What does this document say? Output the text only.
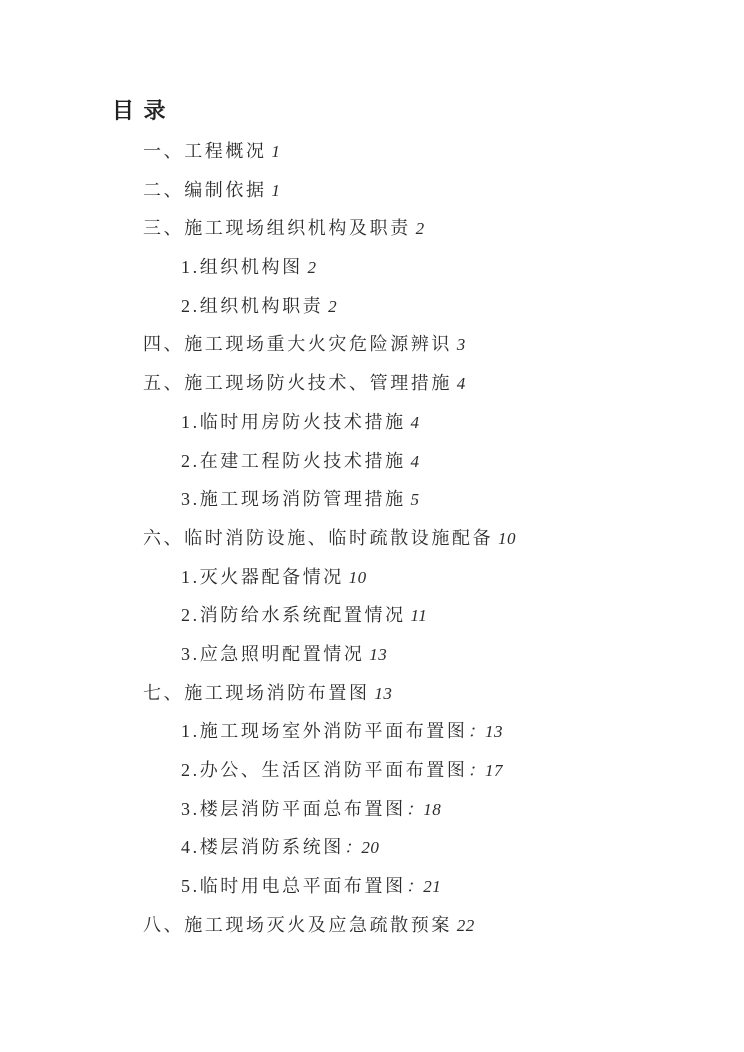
目 录
一、工程概况 1
二、编制依据 1
三、施工现场组织机构及职责 2
1.组织机构图 2
2.组织机构职责 2
四、施工现场重大火灾危险源辨识 3
五、施工现场防火技术、管理措施 4
1.临时用房防火技术措施 4
2.在建工程防火技术措施 4
3.施工现场消防管理措施 5
六、临时消防设施、临时疏散设施配备 10
1.灭火器配备情况 10
2.消防给水系统配置情况 11
3.应急照明配置情况 13
七、施工现场消防布置图 13
1.施工现场室外消防平面布置图：13
2.办公、生活区消防平面布置图：17
3.楼层消防平面总布置图：18
4.楼层消防系统图：20
5.临时用电总平面布置图：21
八、施工现场灭火及应急疏散预案 22
